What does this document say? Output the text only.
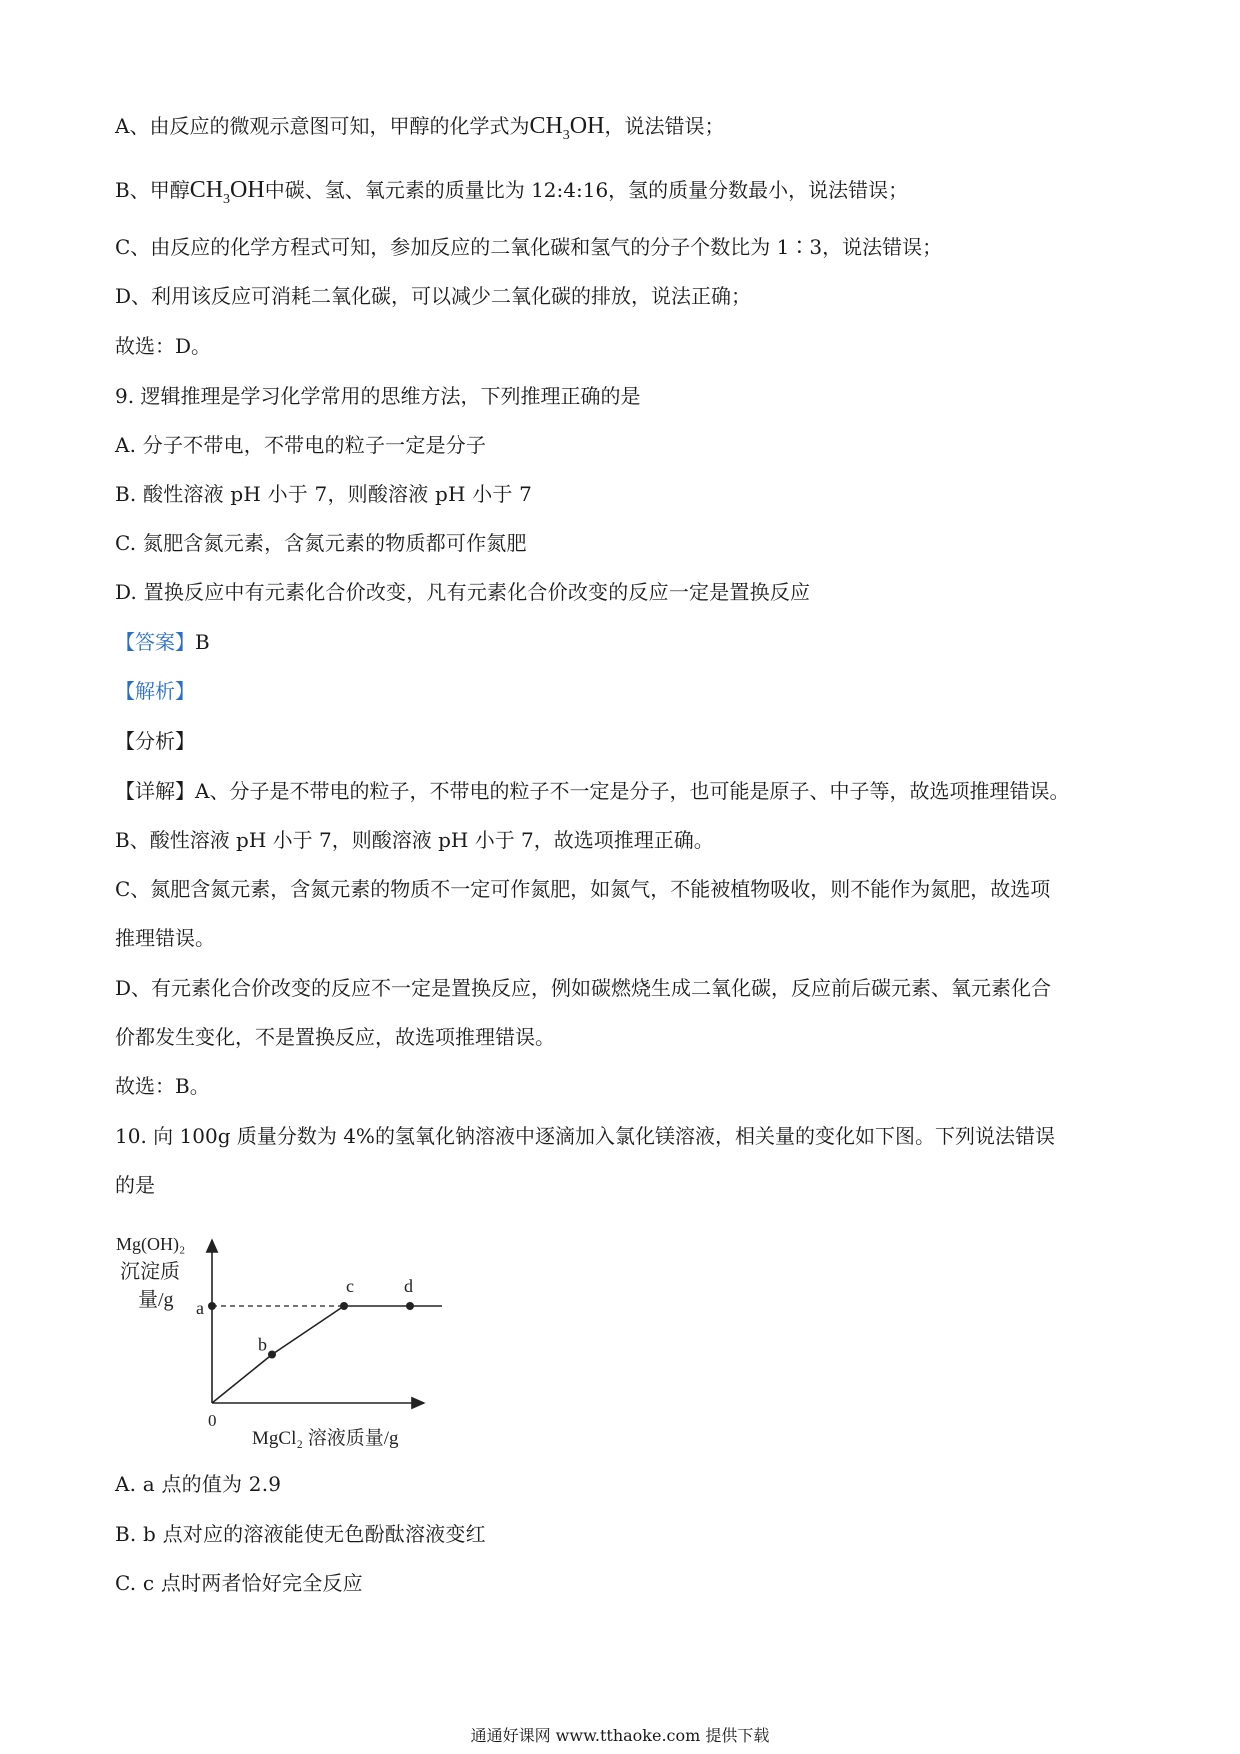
A、由反应的微观示意图可知，甲醇的化学式为$CH_3OH$，说法错误；
B、甲醇$CH_3OH$中碳、氢、氧元素的质量比为 12:4:16，氢的质量分数最小，说法错误；
C、由反应的化学方程式可知，参加反应的二氧化碳和氢气的分子个数比为 1∶3，说法错误；
D、利用该反应可消耗二氧化碳，可以减少二氧化碳的排放，说法正确；
故选：D。
9. 逻辑推理是学习化学常用的思维方法，下列推理正确的是
A. 分子不带电，不带电的粒子一定是分子
B. 酸性溶液 pH 小于 7，则酸溶液 pH 小于 7
C. 氮肥含氮元素，含氮元素的物质都可作氮肥
D. 置换反应中有元素化合价改变，凡有元素化合价改变的反应一定是置换反应
【答案】B
【解析】
【分析】
【详解】A、分子是不带电的粒子，不带电的粒子不一定是分子，也可能是原子、中子等，故选项推理错误。
B、酸性溶液 pH 小于 7，则酸溶液 pH 小于 7，故选项推理正确。
C、氮肥含氮元素，含氮元素的物质不一定可作氮肥，如氮气，不能被植物吸收，则不能作为氮肥，故选项
推理错误。
D、有元素化合价改变的反应不一定是置换反应，例如碳燃烧生成二氧化碳，反应前后碳元素、氧元素化合
价都发生变化，不是置换反应，故选项推理错误。
故选：B。
10. 向 100g 质量分数为 4%的氢氧化钠溶液中逐滴加入氯化镁溶液，相关量的变化如下图。下列说法错误
的是
a
b
c	d
Mg(OH)₂
沉淀质
量/g
0
MgCl₂ 溶液质量/g
A. a 点的值为 2.9
B. b 点对应的溶液能使无色酚酞溶液变红
C. c 点时两者恰好完全反应
通通好课网 www.tthaoke.com 提供下载
